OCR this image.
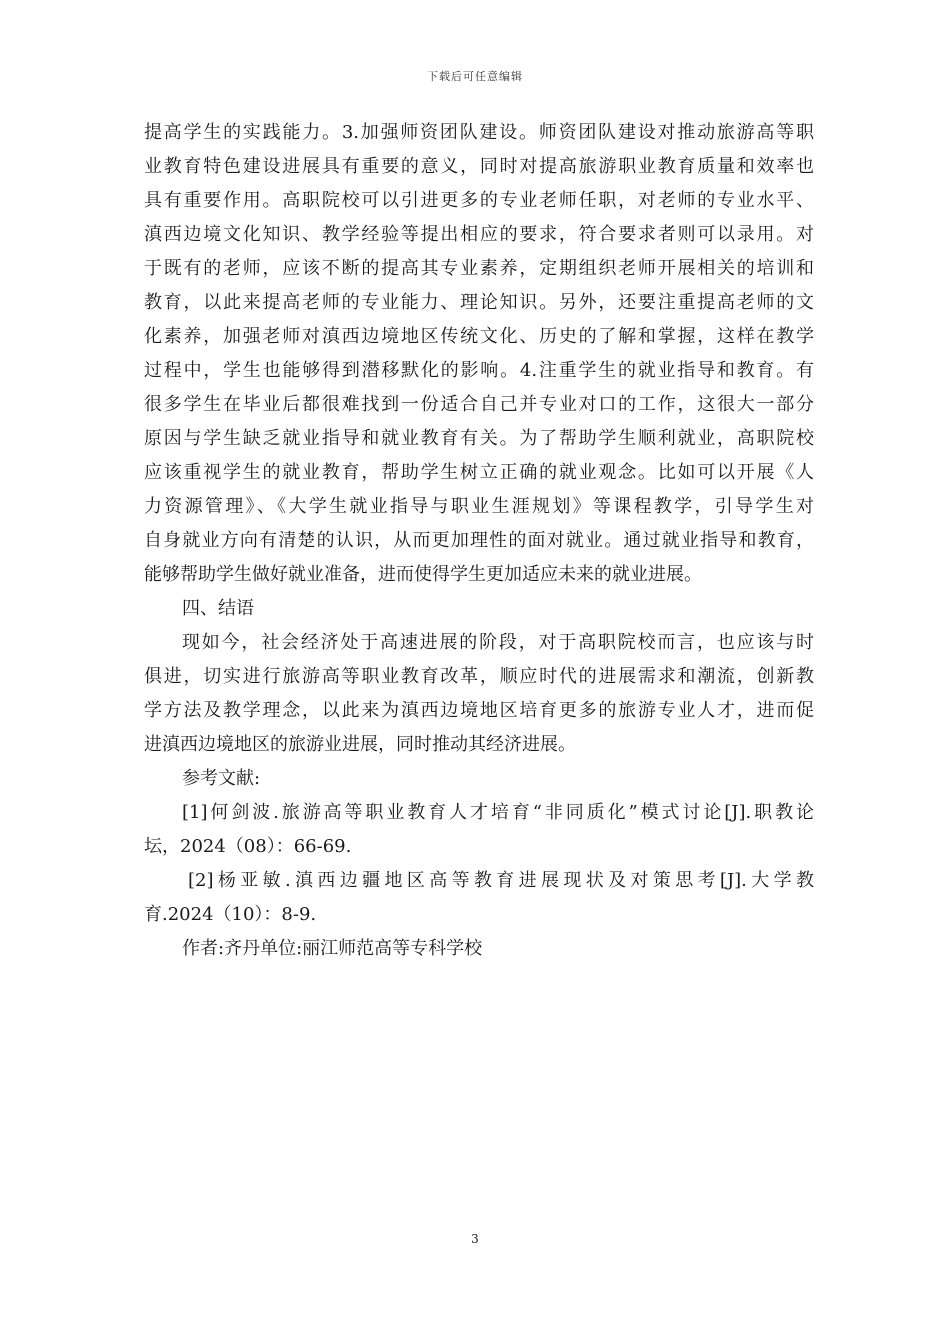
下载后可任意编辑
提高学生的实践能力。3.加强师资团队建设。师资团队建设对推动旅游高等职
业教育特色建设进展具有重要的意义，同时对提高旅游职业教育质量和效率也
具有重要作用。高职院校可以引进更多的专业老师任职，对老师的专业水平、
滇西边境文化知识、教学经验等提出相应的要求，符合要求者则可以录用。对
于既有的老师，应该不断的提高其专业素养，定期组织老师开展相关的培训和
教育，以此来提高老师的专业能力、理论知识。另外，还要注重提高老师的文
化素养，加强老师对滇西边境地区传统文化、历史的了解和掌握，这样在教学
过程中，学生也能够得到潜移默化的影响。4.注重学生的就业指导和教育。有
很多学生在毕业后都很难找到一份适合自己并专业对口的工作，这很大一部分
原因与学生缺乏就业指导和就业教育有关。为了帮助学生顺利就业，高职院校
应该重视学生的就业教育，帮助学生树立正确的就业观念。比如可以开展《人
力资源管理》、《大学生就业指导与职业生涯规划》等课程教学，引导学生对
自身就业方向有清楚的认识，从而更加理性的面对就业。通过就业指导和教育，
能够帮助学生做好就业准备，进而使得学生更加适应未来的就业进展。
四、结语
现如今，社会经济处于高速进展的阶段，对于高职院校而言，也应该与时
俱进，切实进行旅游高等职业教育改革，顺应时代的进展需求和潮流，创新教
学方法及教学理念，以此来为滇西边境地区培育更多的旅游专业人才，进而促
进滇西边境地区的旅游业进展，同时推动其经济进展。
参考文献:
[1]何剑波.旅游高等职业教育人才培育“非同质化”模式讨论[J].职教论
坛，2024（08）：66-69.
[2]杨亚敏.滇西边疆地区高等教育进展现状及对策思考[J].大学教
育.2024（10）：8-9.
作者:齐丹单位:丽江师范高等专科学校
3
